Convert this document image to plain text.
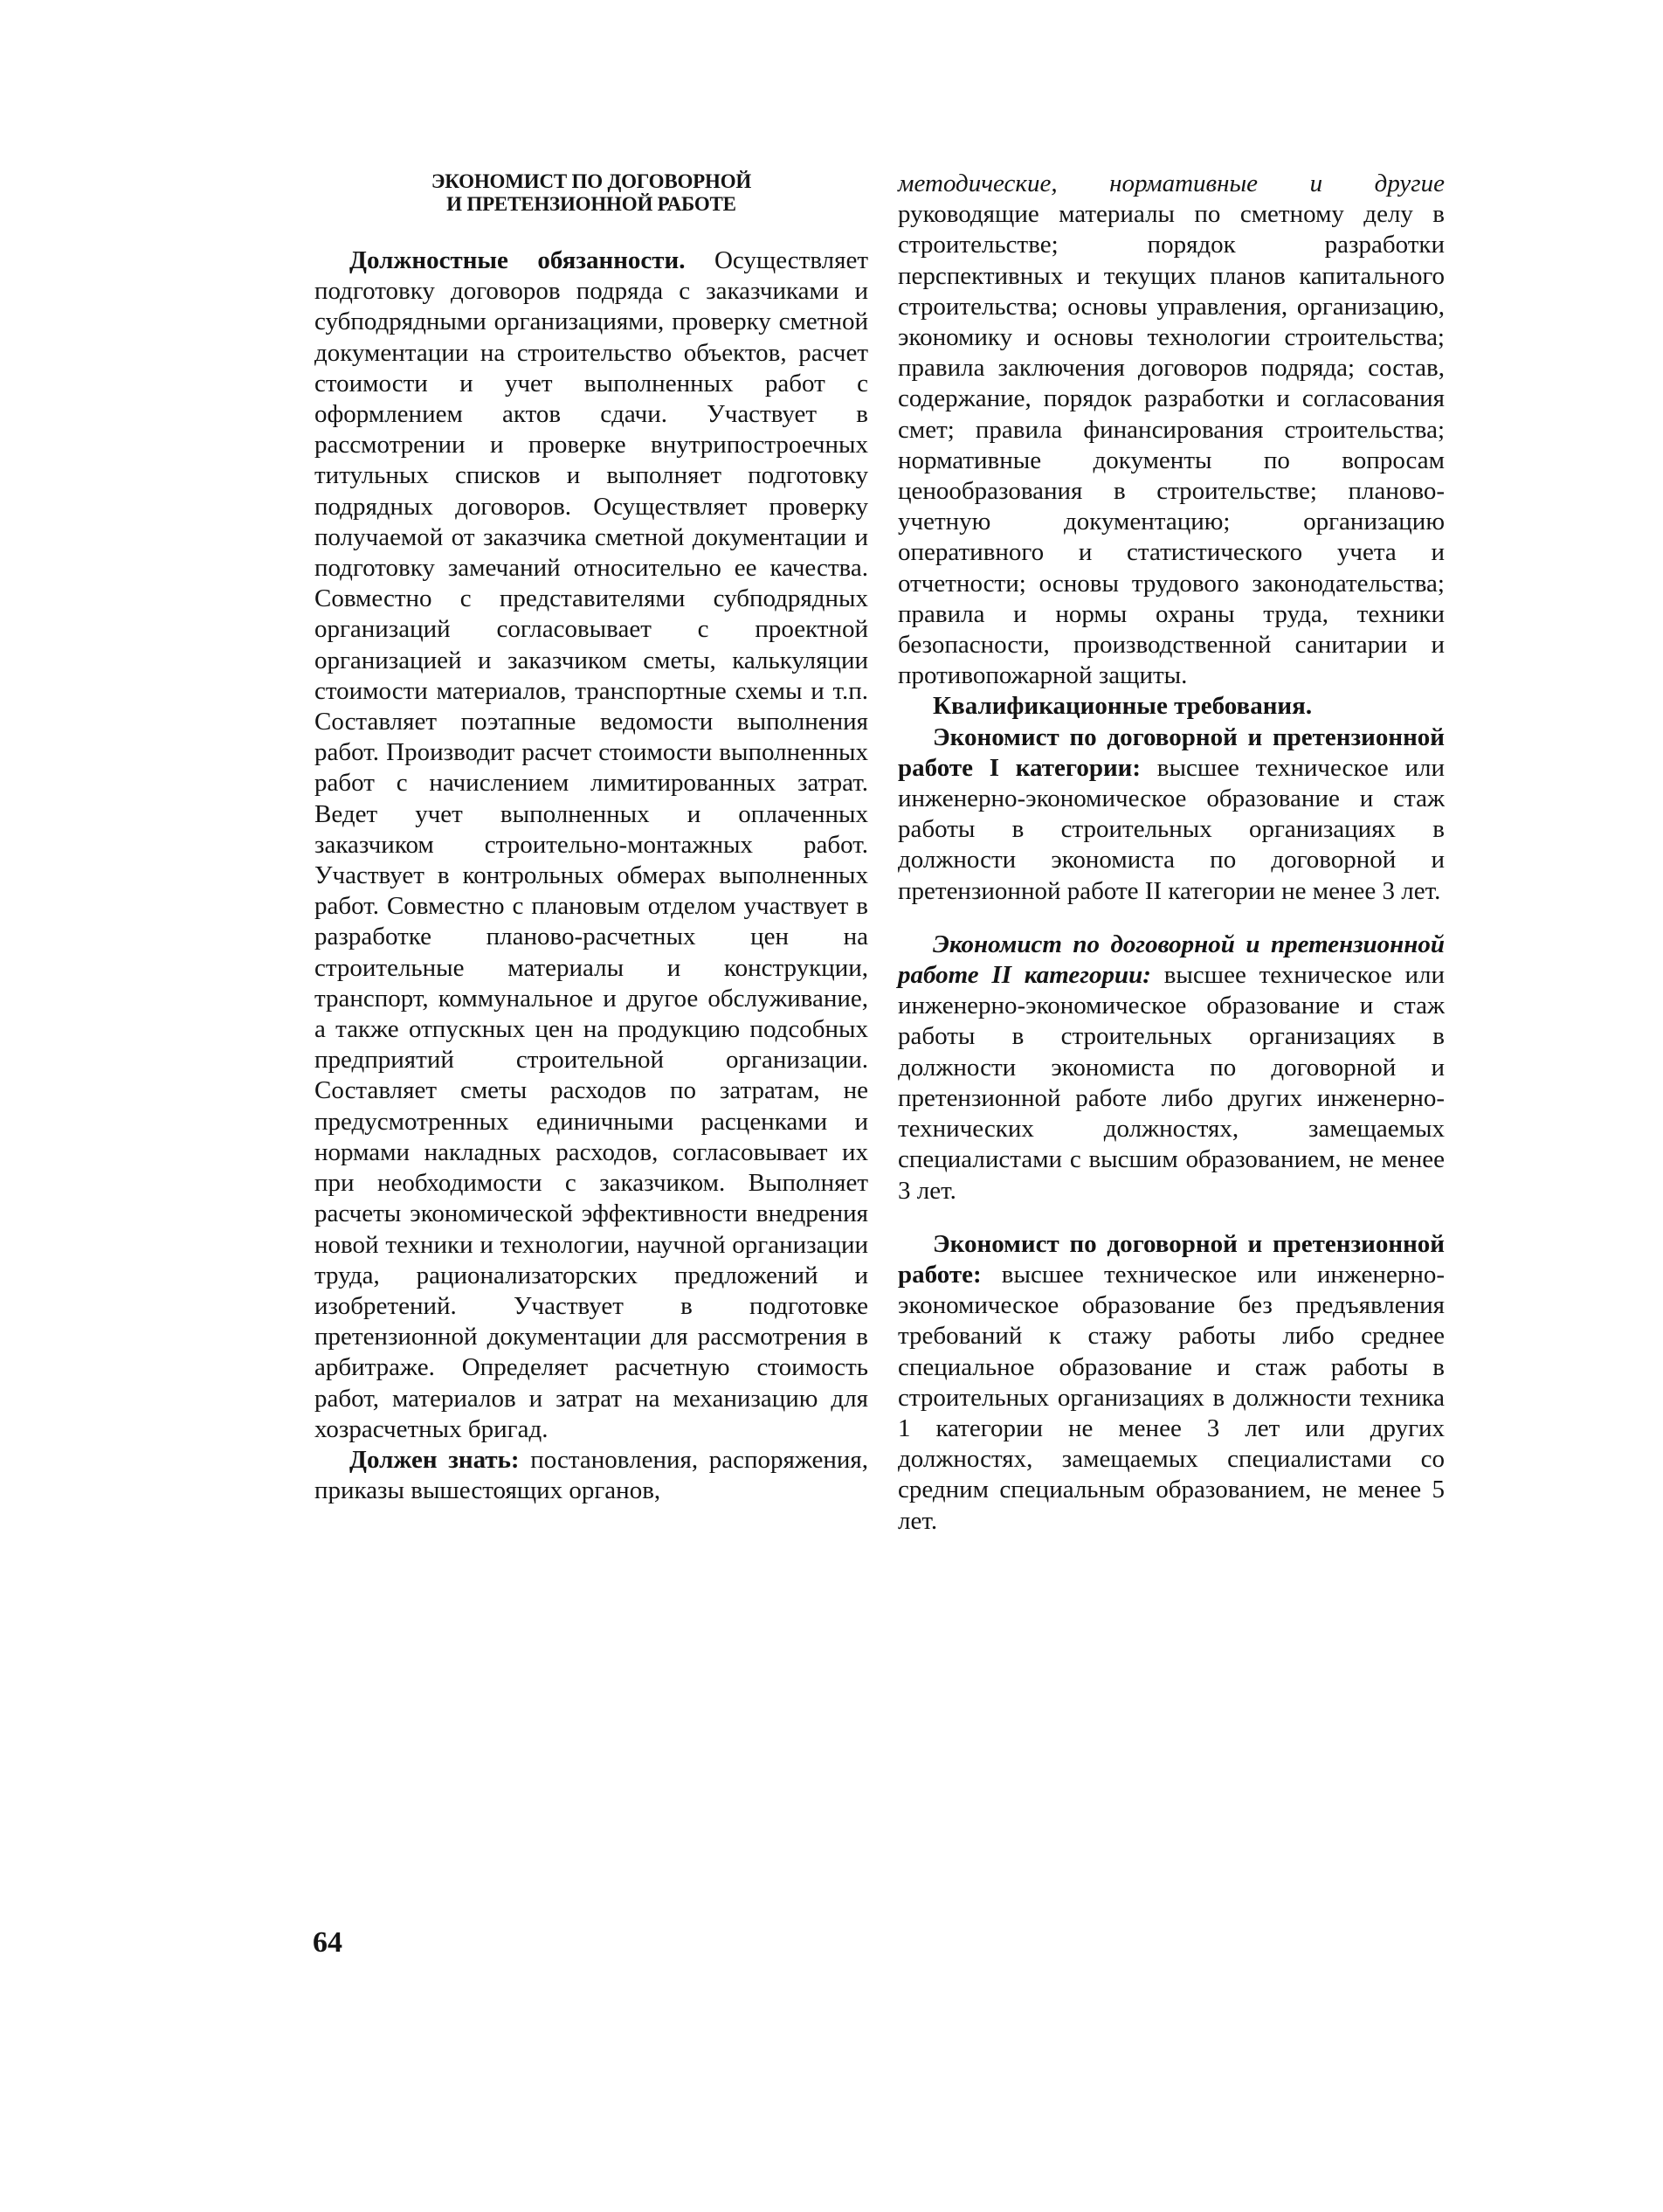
ЭКОНОМИСТ ПО ДОГОВОРНОЙ
И ПРЕТЕНЗИОННОЙ РАБОТЕ

Должностные обязанности. Осуществляет подготовку договоров подряда с заказчиками и субподрядными организациями, проверку сметной документации на строительство объектов, расчет стоимости и учет выполненных работ с оформлением актов сдачи. Участвует в рассмотрении и проверке внутрипостроечных титульных списков и выполняет подготовку подрядных договоров. Осуществляет проверку получаемой от заказчика сметной документации и подготовку замечаний относительно ее качества. Совместно с представителями субподрядных организаций согласовывает с проектной организацией и заказчиком сметы, калькуляции стоимости материалов, транспортные схемы и т.п. Составляет поэтапные ведомости выполнения работ. Производит расчет стоимости выполненных работ с начислением лимитированных затрат. Ведет учет выполненных и оплаченных заказчиком строительно-монтажных работ. Участвует в контрольных обмерах выполненных работ. Совместно с плановым отделом участвует в разработке планово-расчетных цен на строительные материалы и конструкции, транспорт, коммунальное и другое обслуживание, а также отпускных цен на продукцию подсобных предприятий строительной организации. Составляет сметы расходов по затратам, не предусмотренных единичными расценками и нормами накладных расходов, согласовывает их при необходимости с заказчиком. Выполняет расчеты экономической эффективности внедрения новой техники и технологии, научной организации труда, рационализаторских предложений и изобретений. Участвует в подготовке претензионной документации для рассмотрения в арбитраже. Определяет расчетную стоимость работ, материалов и затрат на механизацию для хозрасчетных бригад.

Должен знать: постановления, распоряжения, приказы вышестоящих органов,

методические, нормативные и другие руководящие материалы по сметному делу в строительстве; порядок разработки перспективных и текущих планов капитального строительства; основы управления, организацию, экономику и основы технологии строительства; правила заключения договоров подряда; состав, содержание, порядок разработки и согласования смет; правила финансирования строительства; нормативные документы по вопросам ценообразования в строительстве; планово-учетную документацию; организацию оперативного и статистического учета и отчетности; основы трудового законодательства; правила и нормы охраны труда, техники безопасности, производственной санитарии и противопожарной защиты.

Квалификационные требования.

Экономист по договорной и претензионной работе I категории: высшее техническое или инженерно-экономическое образование и стаж работы в строительных организациях в должности экономиста по договорной и претензионной работе II категории не менее 3 лет.

Экономист по договорной и претензионной работе II категории: высшее техническое или инженерно-экономическое образование и стаж работы в строительных организациях в должности экономиста по договорной и претензионной работе либо других инженерно-технических должностях, замещаемых специалистами с высшим образованием, не менее 3 лет.

Экономист по договорной и претензионной работе: высшее техническое или инженерно-экономическое образование без предъявления требований к стажу работы либо среднее специальное образование и стаж работы в строительных организациях в должности техника 1 категории не менее 3 лет или других должностях, замещаемых специалистами со средним специальным образованием, не менее 5 лет.

64
